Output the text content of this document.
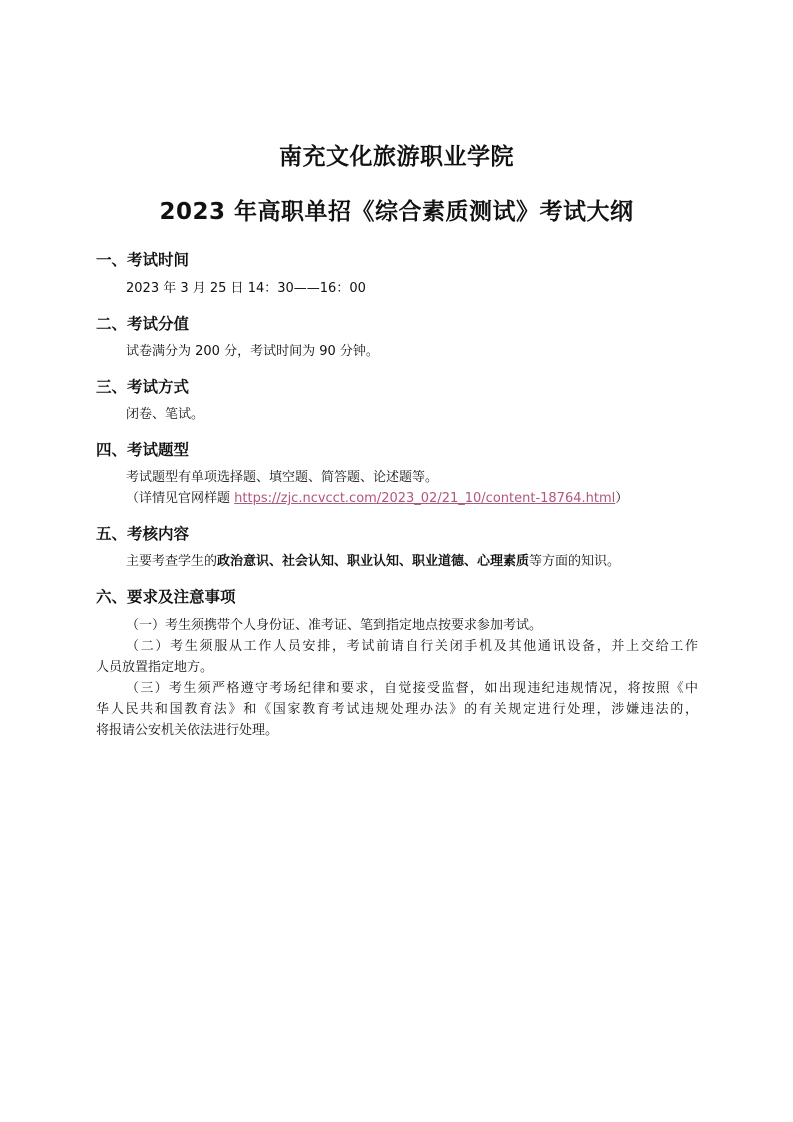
南充文化旅游职业学院
2023 年高职单招《综合素质测试》考试大纲
一、考试时间
2023 年 3 月 25 日 14：30——16：00
二、考试分值
试卷满分为 200 分，考试时间为 90 分钟。
三、考试方式
闭卷、笔试。
四、考试题型
考试题型有单项选择题、填空题、简答题、论述题等。
（详情见官网样题 https://zjc.ncvcct.com/2023_02/21_10/content-18764.html）
五、考核内容
主要考查学生的政治意识、社会认知、职业认知、职业道德、心理素质等方面的知识。
六、要求及注意事项
（一）考生须携带个人身份证、准考证、笔到指定地点按要求参加考试。
（二）考生须服从工作人员安排，考试前请自行关闭手机及其他通讯设备，并上交给工作
人员放置指定地方。
（三）考生须严格遵守考场纪律和要求，自觉接受监督，如出现违纪违规情况，将按照《中
华人民共和国教育法》和《国家教育考试违规处理办法》的有关规定进行处理，涉嫌违法的，
将报请公安机关依法进行处理。
